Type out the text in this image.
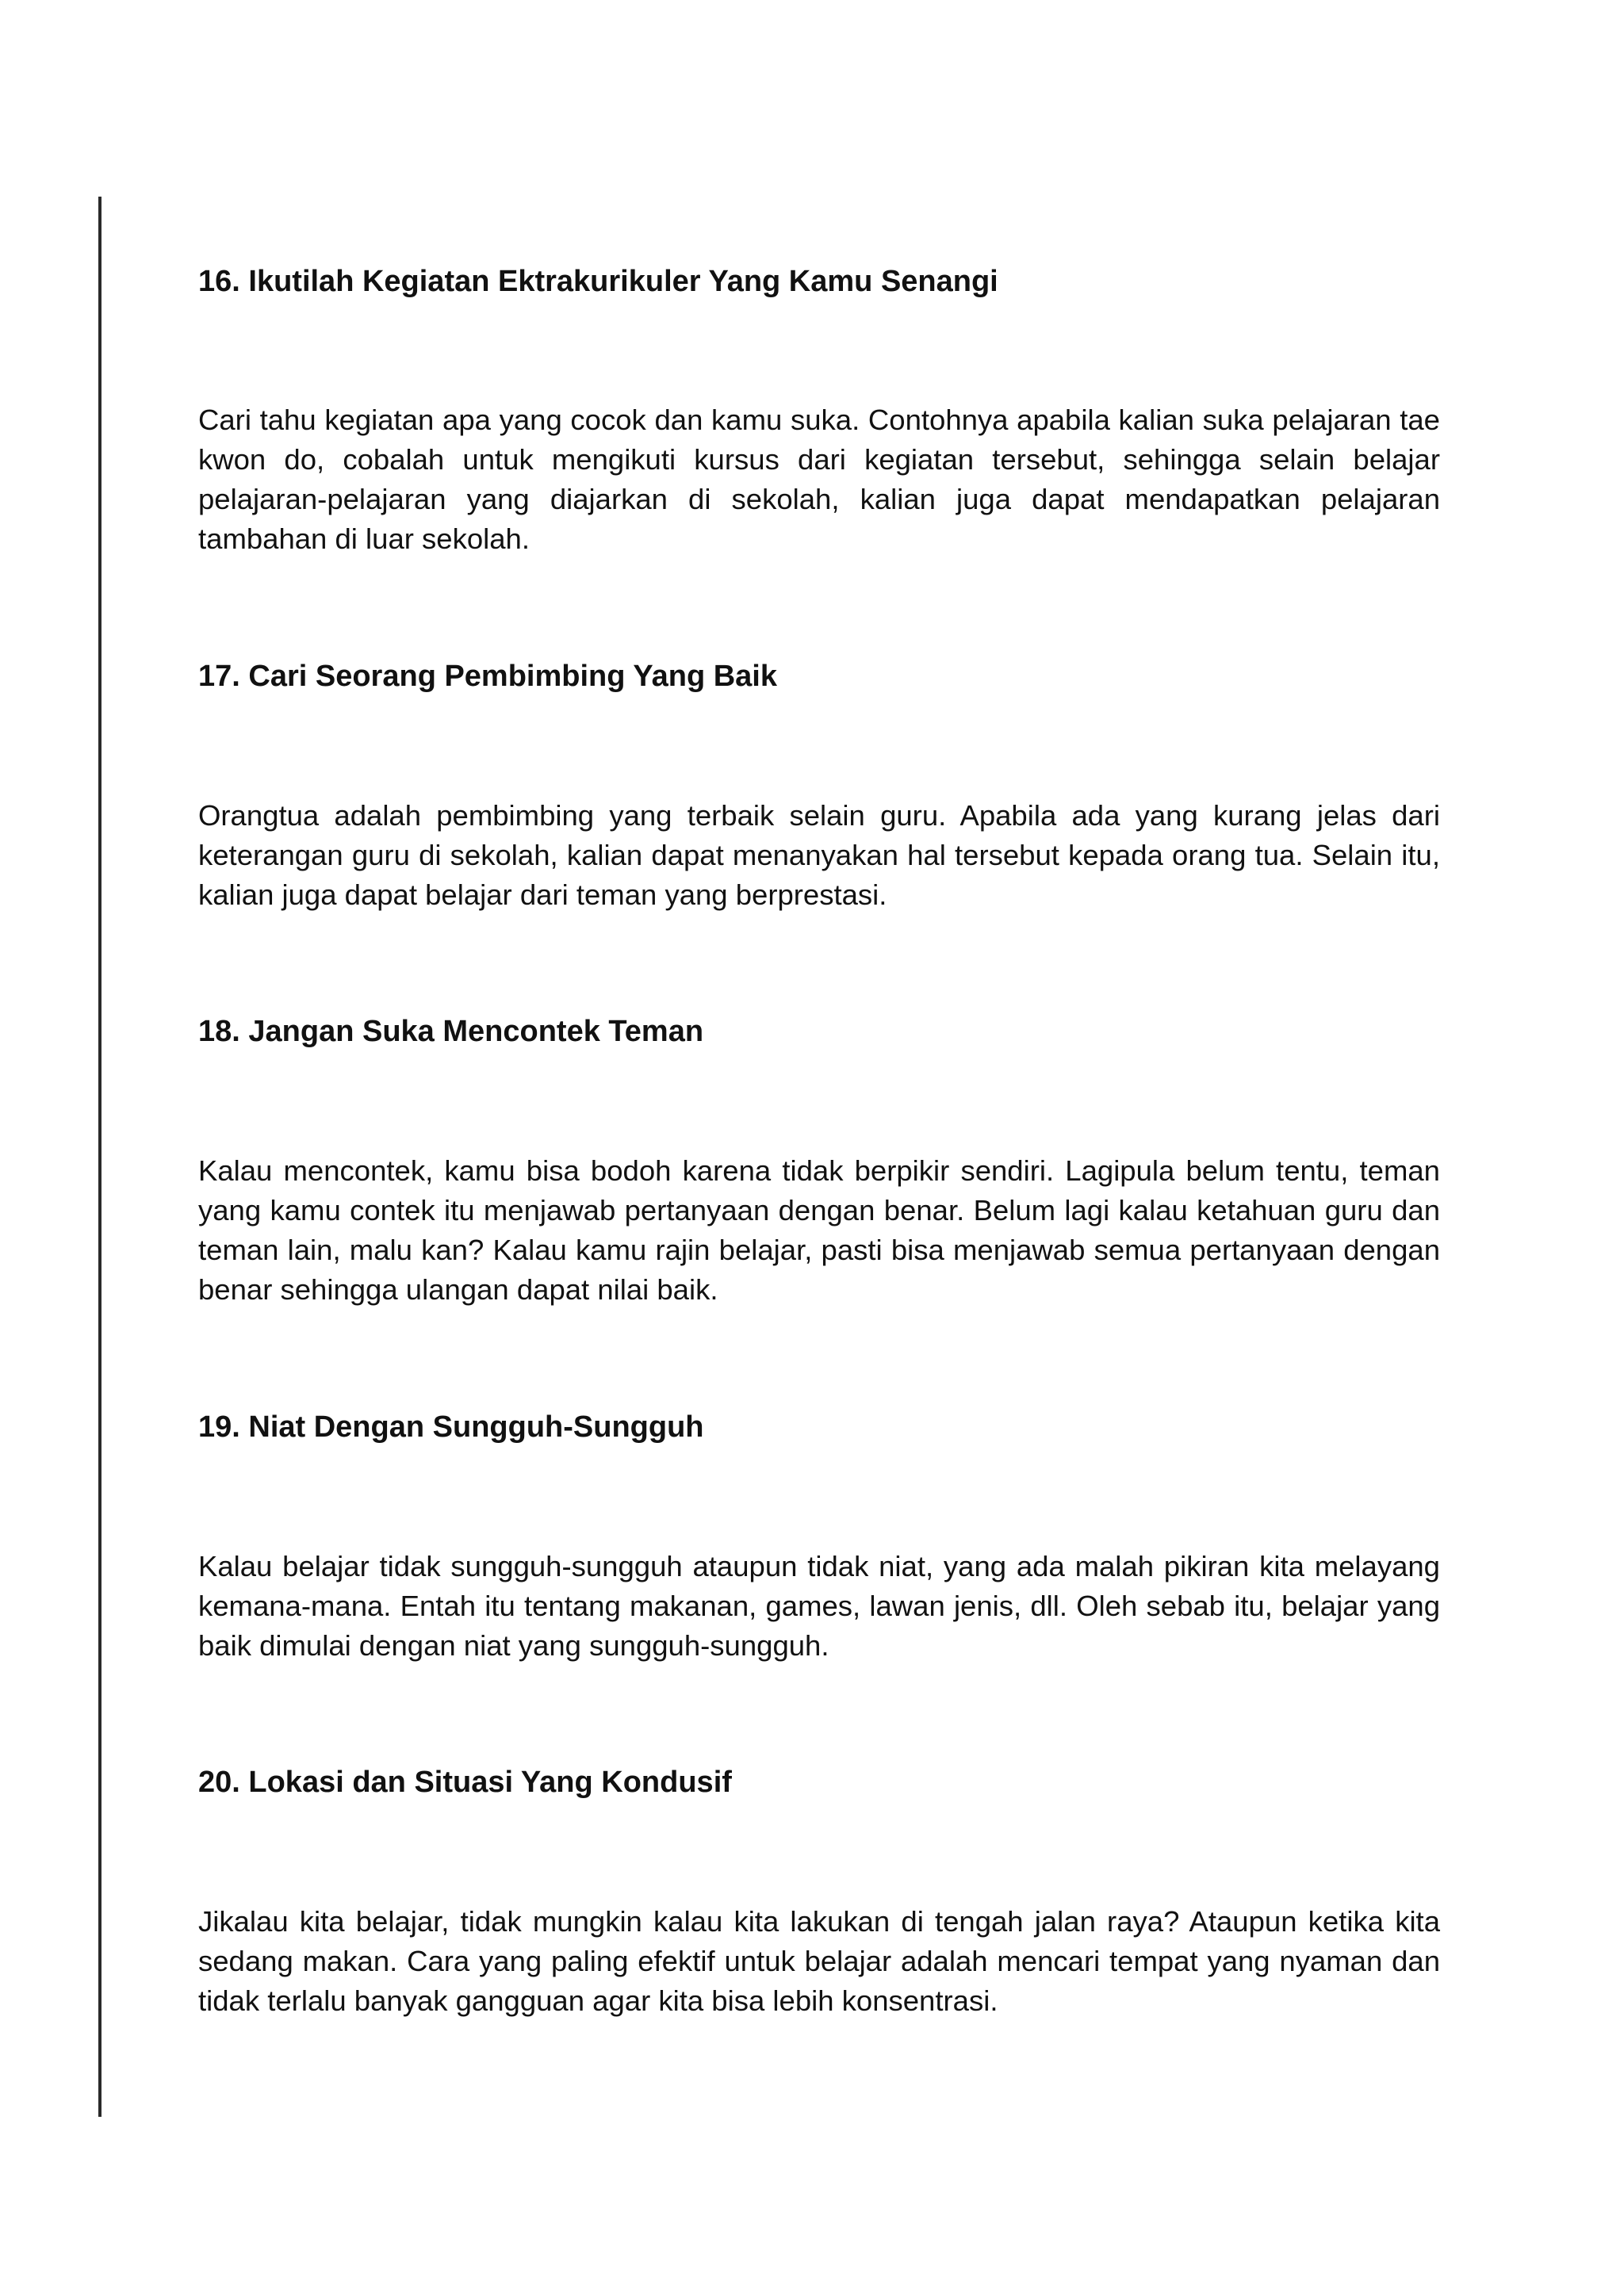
16. Ikutilah Kegiatan Ektrakurikuler Yang Kamu Senangi

Cari tahu kegiatan apa yang cocok dan kamu suka. Contohnya apabila kalian suka pelajaran tae kwon do, cobalah untuk mengikuti kursus dari kegiatan tersebut, sehingga selain belajar pelajaran-pelajaran yang diajarkan di sekolah, kalian juga dapat mendapatkan pelajaran tambahan di luar sekolah.

17. Cari Seorang Pembimbing Yang Baik

Orangtua adalah pembimbing yang terbaik selain guru. Apabila ada yang kurang jelas dari keterangan guru di sekolah, kalian dapat menanyakan hal tersebut kepada orang tua. Selain itu, kalian juga dapat belajar dari teman yang berprestasi.

18. Jangan Suka Mencontek Teman

Kalau mencontek, kamu bisa bodoh karena tidak berpikir sendiri. Lagipula belum tentu, teman yang kamu contek itu menjawab pertanyaan dengan benar. Belum lagi kalau ketahuan guru dan teman lain, malu kan? Kalau kamu rajin belajar, pasti bisa menjawab semua pertanyaan dengan benar sehingga ulangan dapat nilai baik.

19. Niat Dengan Sungguh-Sungguh

Kalau belajar tidak sungguh-sungguh ataupun tidak niat, yang ada malah pikiran kita melayang kemana-mana. Entah itu tentang makanan, games, lawan jenis, dll. Oleh sebab itu, belajar yang baik dimulai dengan niat yang sungguh-sungguh.

20. Lokasi dan Situasi Yang Kondusif

Jikalau kita belajar, tidak mungkin kalau kita lakukan di tengah jalan raya? Ataupun ketika kita sedang makan. Cara yang paling efektif untuk belajar adalah mencari tempat yang nyaman dan tidak terlalu banyak gangguan agar kita bisa lebih konsentrasi.
